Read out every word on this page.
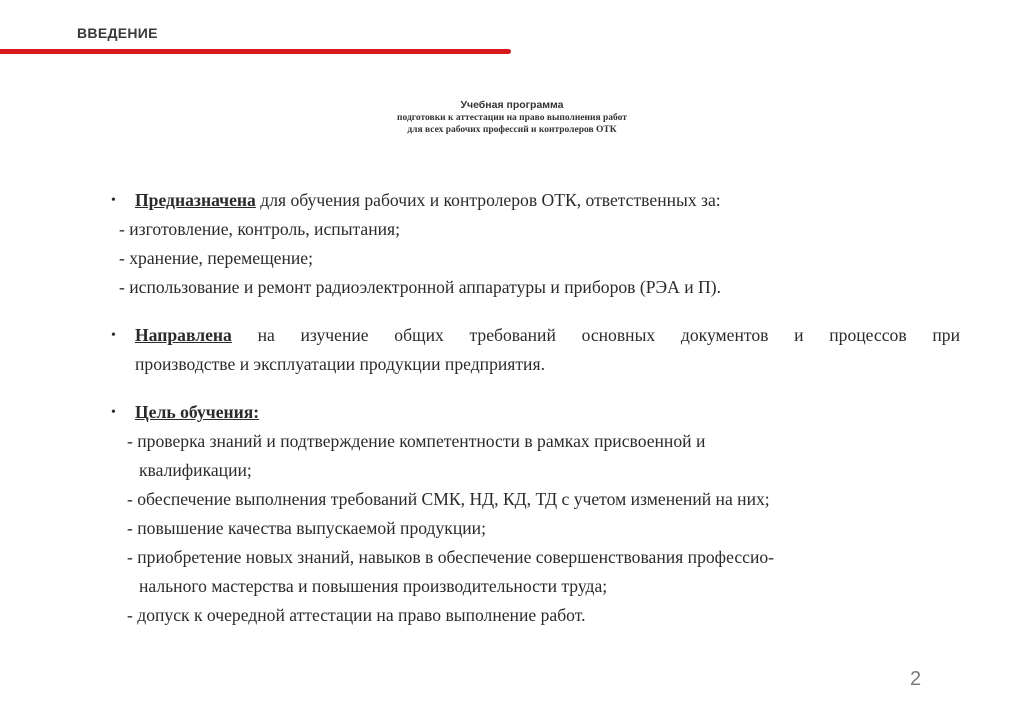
ВВЕДЕНИЕ
Учебная программа
подготовки к аттестации на право выполнения работ
для всех рабочих профессий и контролеров ОТК
• Предназначена для обучения рабочих и контролеров ОТК, ответственных за:
- изготовление, контроль, испытания;
- хранение, перемещение;
- использование и ремонт радиоэлектронной аппаратуры и приборов (РЭА и П).
• Направлена на изучение общих требований основных документов и процессов при
производстве и эксплуатации продукции предприятия.
• Цель обучения:
- проверка знаний и подтверждение компетентности в рамках присвоенной и
квалификации;
- обеспечение выполнения требований СМК, НД, КД, ТД с учетом изменений на них;
- повышение качества выпускаемой продукции;
- приобретение новых знаний, навыков в обеспечение совершенствования профессио-
нального мастерства и повышения производительности труда;
- допуск к очередной аттестации на право выполнение работ.
2
